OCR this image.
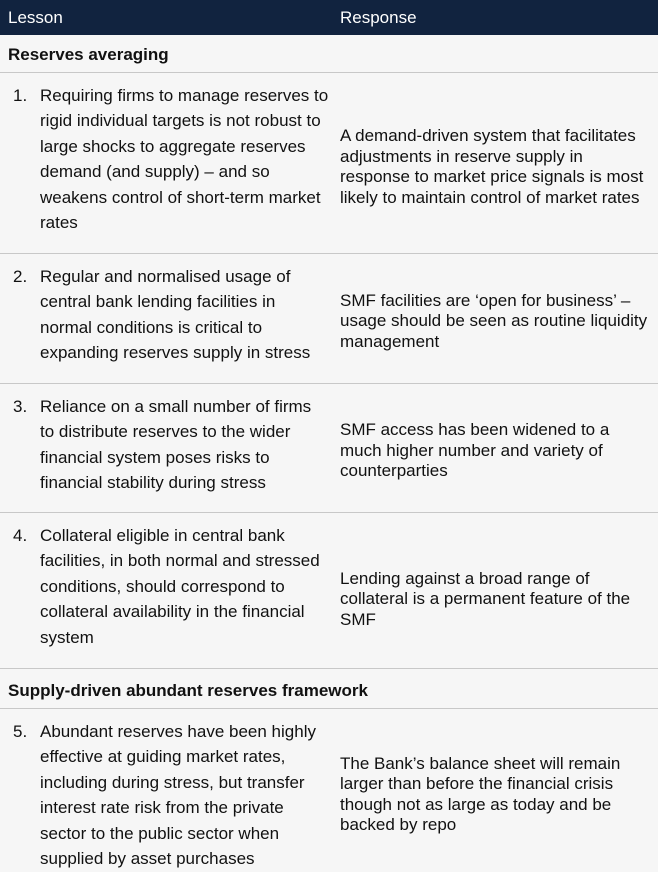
Lesson	Response
Reserves averaging
1. Requiring firms to manage reserves to rigid individual targets is not robust to large shocks to aggregate reserves demand (and supply) – and so weakens control of short-term market rates
A demand-driven system that facilitates adjustments in reserve supply in response to market price signals is most likely to maintain control of market rates
2. Regular and normalised usage of central bank lending facilities in normal conditions is critical to expanding reserves supply in stress
SMF facilities are ‘open for business’ – usage should be seen as routine liquidity management
3. Reliance on a small number of firms to distribute reserves to the wider financial system poses risks to financial stability during stress
SMF access has been widened to a much higher number and variety of counterparties
4. Collateral eligible in central bank facilities, in both normal and stressed conditions, should correspond to collateral availability in the financial system
Lending against a broad range of collateral is a permanent feature of the SMF
Supply-driven abundant reserves framework
5. Abundant reserves have been highly effective at guiding market rates, including during stress, but transfer interest rate risk from the private sector to the public sector when supplied by asset purchases
The Bank’s balance sheet will remain larger than before the financial crisis though not as large as today and be backed by repo
